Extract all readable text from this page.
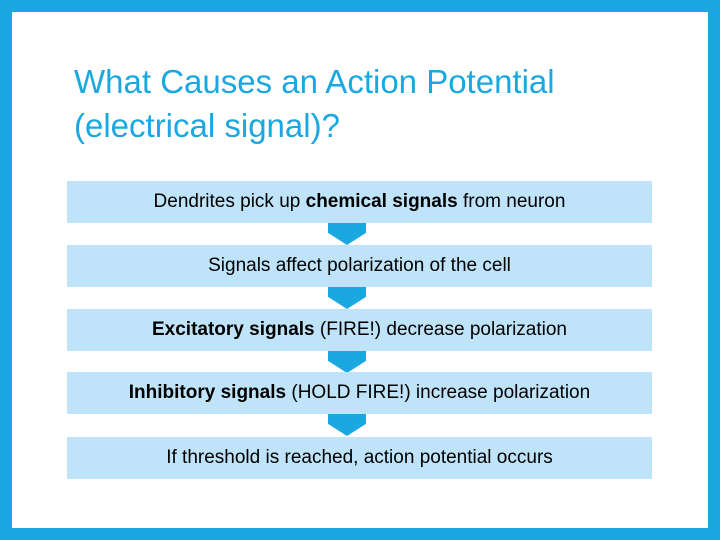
What Causes an Action Potential
(electrical signal)?
Dendrites pick up chemical signals from neuron
Signals affect polarization of the cell
Excitatory signals (FIRE!) decrease polarization
Inhibitory signals (HOLD FIRE!) increase polarization
If threshold is reached, action potential occurs
